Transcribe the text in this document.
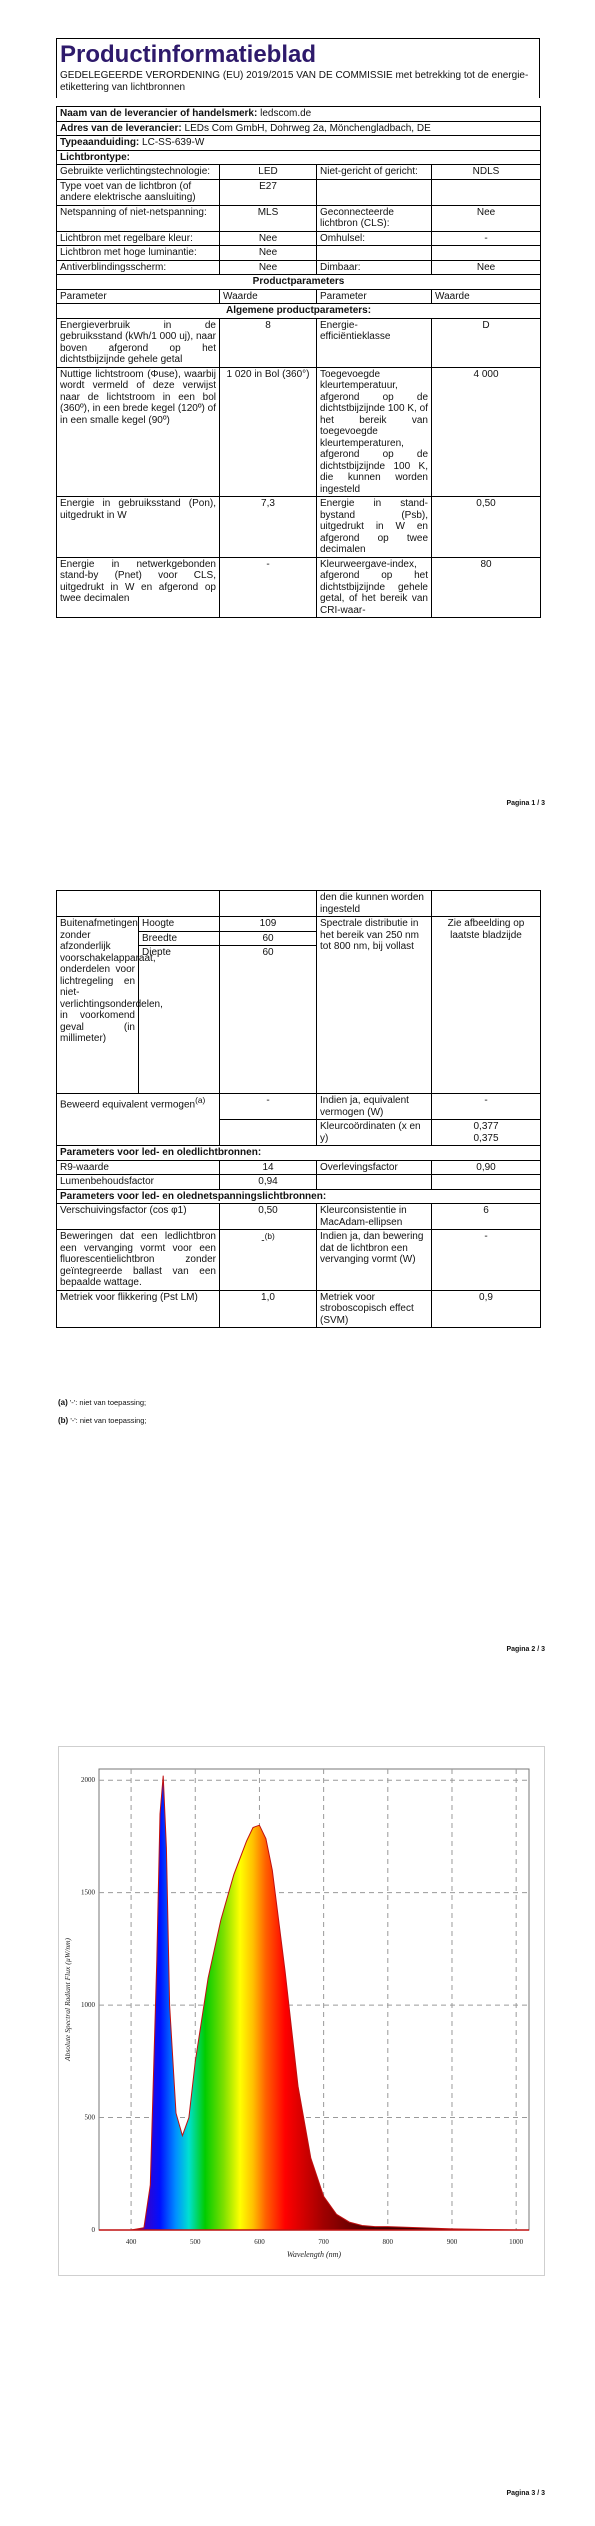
Productinformatieblad
GEDELEGEERDE VERORDENING (EU) 2019/2015 VAN DE COMMISSIE met betrekking tot de energie-etikettering van lichtbronnen
Naam van de leverancier of handelsmerk: ledscom.de			
Adres van de leverancier: LEDs Com GmbH, Dohrweg 2a, Mönchengladbach, DE			
Typeaanduiding: LC-SS-639-W			
Lichtbrontype:			
Gebruikte verlichtingstechnologie:	LED	Niet-gericht of gericht:	NDLS
Type voet van de lichtbron (of andere elektrische aansluiting)	E27		
Netspanning of niet-netspanning:	MLS	Geconnecteerde lichtbron (CLS):	Nee
Lichtbron met regelbare kleur:	Nee	Omhulsel:	-
Lichtbron met hoge luminantie:	Nee		
Antiverblindingsscherm:	Nee	Dimbaar:	Nee
Productparameters			
Parameter	Waarde	Parameter	Waarde
Algemene productparameters:			
Energieverbruik in de gebruiksstand (kWh/1 000 uj), naar boven afgerond op het dichtstbijzijnde gehele getal	8	Energie-efficiëntieklasse	D
Nuttige lichtstroom (Φuse), waarbij wordt vermeld of deze verwijst naar de lichtstroom in een bol (360º), in een brede kegel (120º) of in een smalle kegel (90º)	1 020 in Bol (360°)	Toegevoegde kleurtemperatuur, afgerond op de dichtstbijzijnde 100 K, of het bereik van toegevoegde kleurtemperaturen, afgerond op de dichtstbijzijnde 100 K, die kunnen worden ingesteld	4 000
Energie in gebruiksstand (Pon), uitgedrukt in W	7,3	Energie in stand-bystand (Psb), uitgedrukt in W en afgerond op twee decimalen	0,50
Energie in netwerkgebonden stand-by (Pnet) voor CLS, uitgedrukt in W en afgerond op twee decimalen	-	Kleurweergave-index, afgerond op het dichtstbijzijnde gehele getal, of het bereik van CRI-waar-	80
Pagina 1 / 3
			den die kunnen worden ingesteld	
Buitenafmetingen zonder afzonderlijk voorschakelapparaat, onderdelen voor lichtregeling en niet-verlichtingsonderdelen, in voorkomend geval (in millimeter)	Hoogte	109	Spectrale distributie in het bereik van 250 nm tot 800 nm, bij vollast	Zie afbeelding op laatste bladzijde
	Breedte	60		
	Diepte	60		
Beweerd equivalent vermogen$^{(a)}$		-	Indien ja, equivalent vermogen (W)	-
			Kleurcoördinaten (x en y)	0,377
0,375

Parameters voor led- en oledlichtbronnen:				
R9-waarde		14	Overlevingsfactor	0,90
Lumenbehoudsfactor		0,94		
Parameters voor led- en olednetspanningslichtbronnen:				
Verschuivingsfactor (cos φ1)		0,50	Kleurconsistentie in MacAdam-ellipsen	6
Beweringen dat een ledlichtbron een vervanging vormt voor een fluorescentielichtbron zonder geïntegreerde ballast van een bepaalde wattage.		-$^{(b)}$	Indien ja, dan bewering dat de lichtbron een vervanging vormt (W)	-
Metriek voor flikkering (Pst LM)		1,0	Metriek voor stroboscopisch effect (SVM)	0,9
(a) '-': niet van toepassing;
(b) '-': niet van toepassing;
Pagina 2 / 3
400	500	600	700	800	900	1000
0
500
1000
1500
2000
Wavelength (nm)
Absolute Spectral Radiant Flux (µW/nm)
Pagina 3 / 3
